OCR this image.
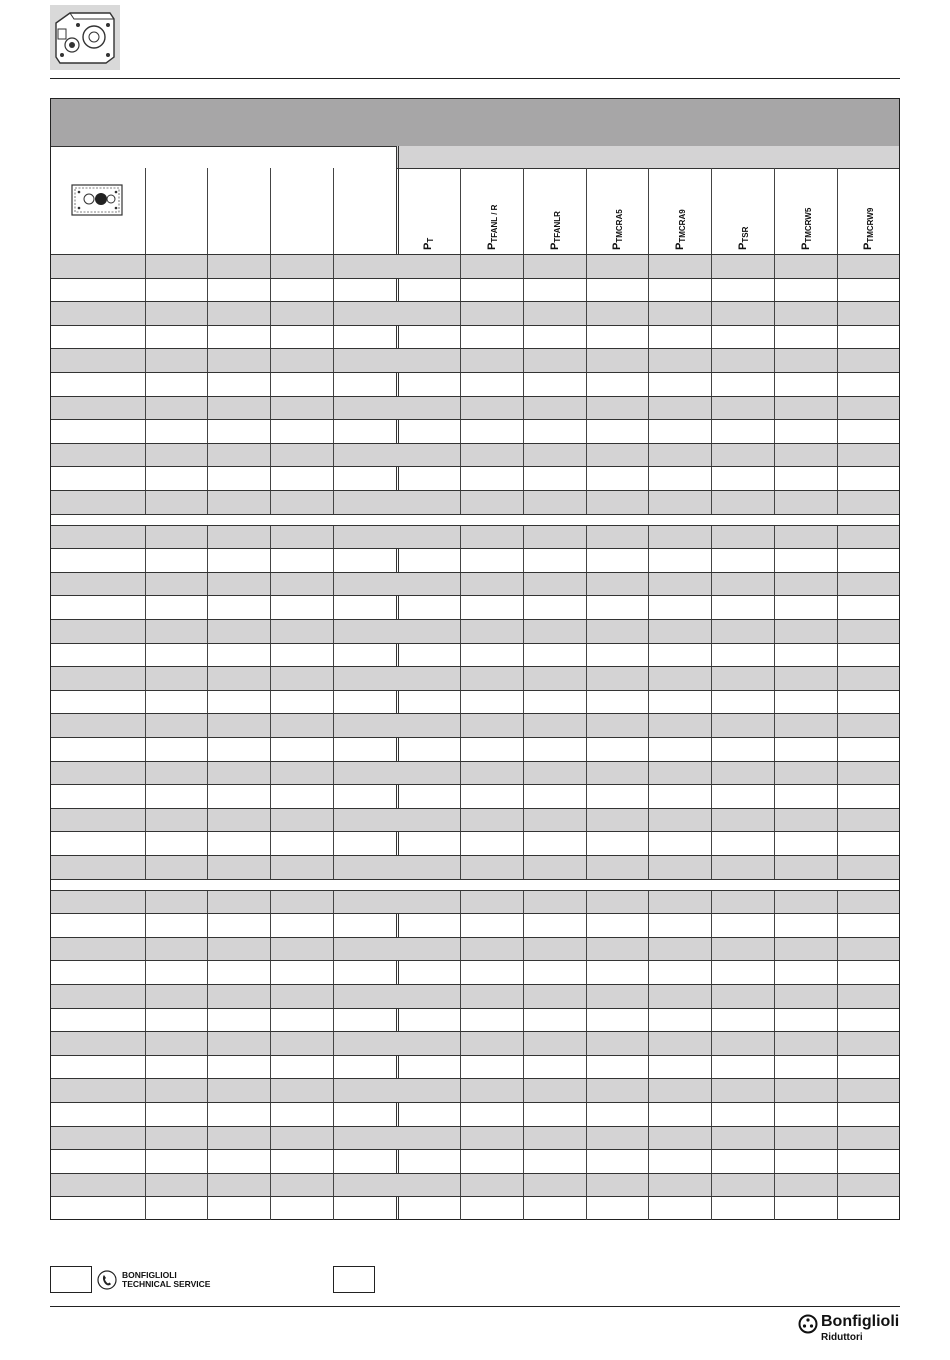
$P_T$
$P_{TFANL / R}$
$P_{TFANLR}$
$P_{TMCRA5}$
$P_{TMCRA9}$
$P_{TSR}$
$P_{TMCRW5}$
$P_{TMCRW9}$
BONFIGLIOLI
TECHNICAL SERVICE
Bonfiglioli
Riduttori
